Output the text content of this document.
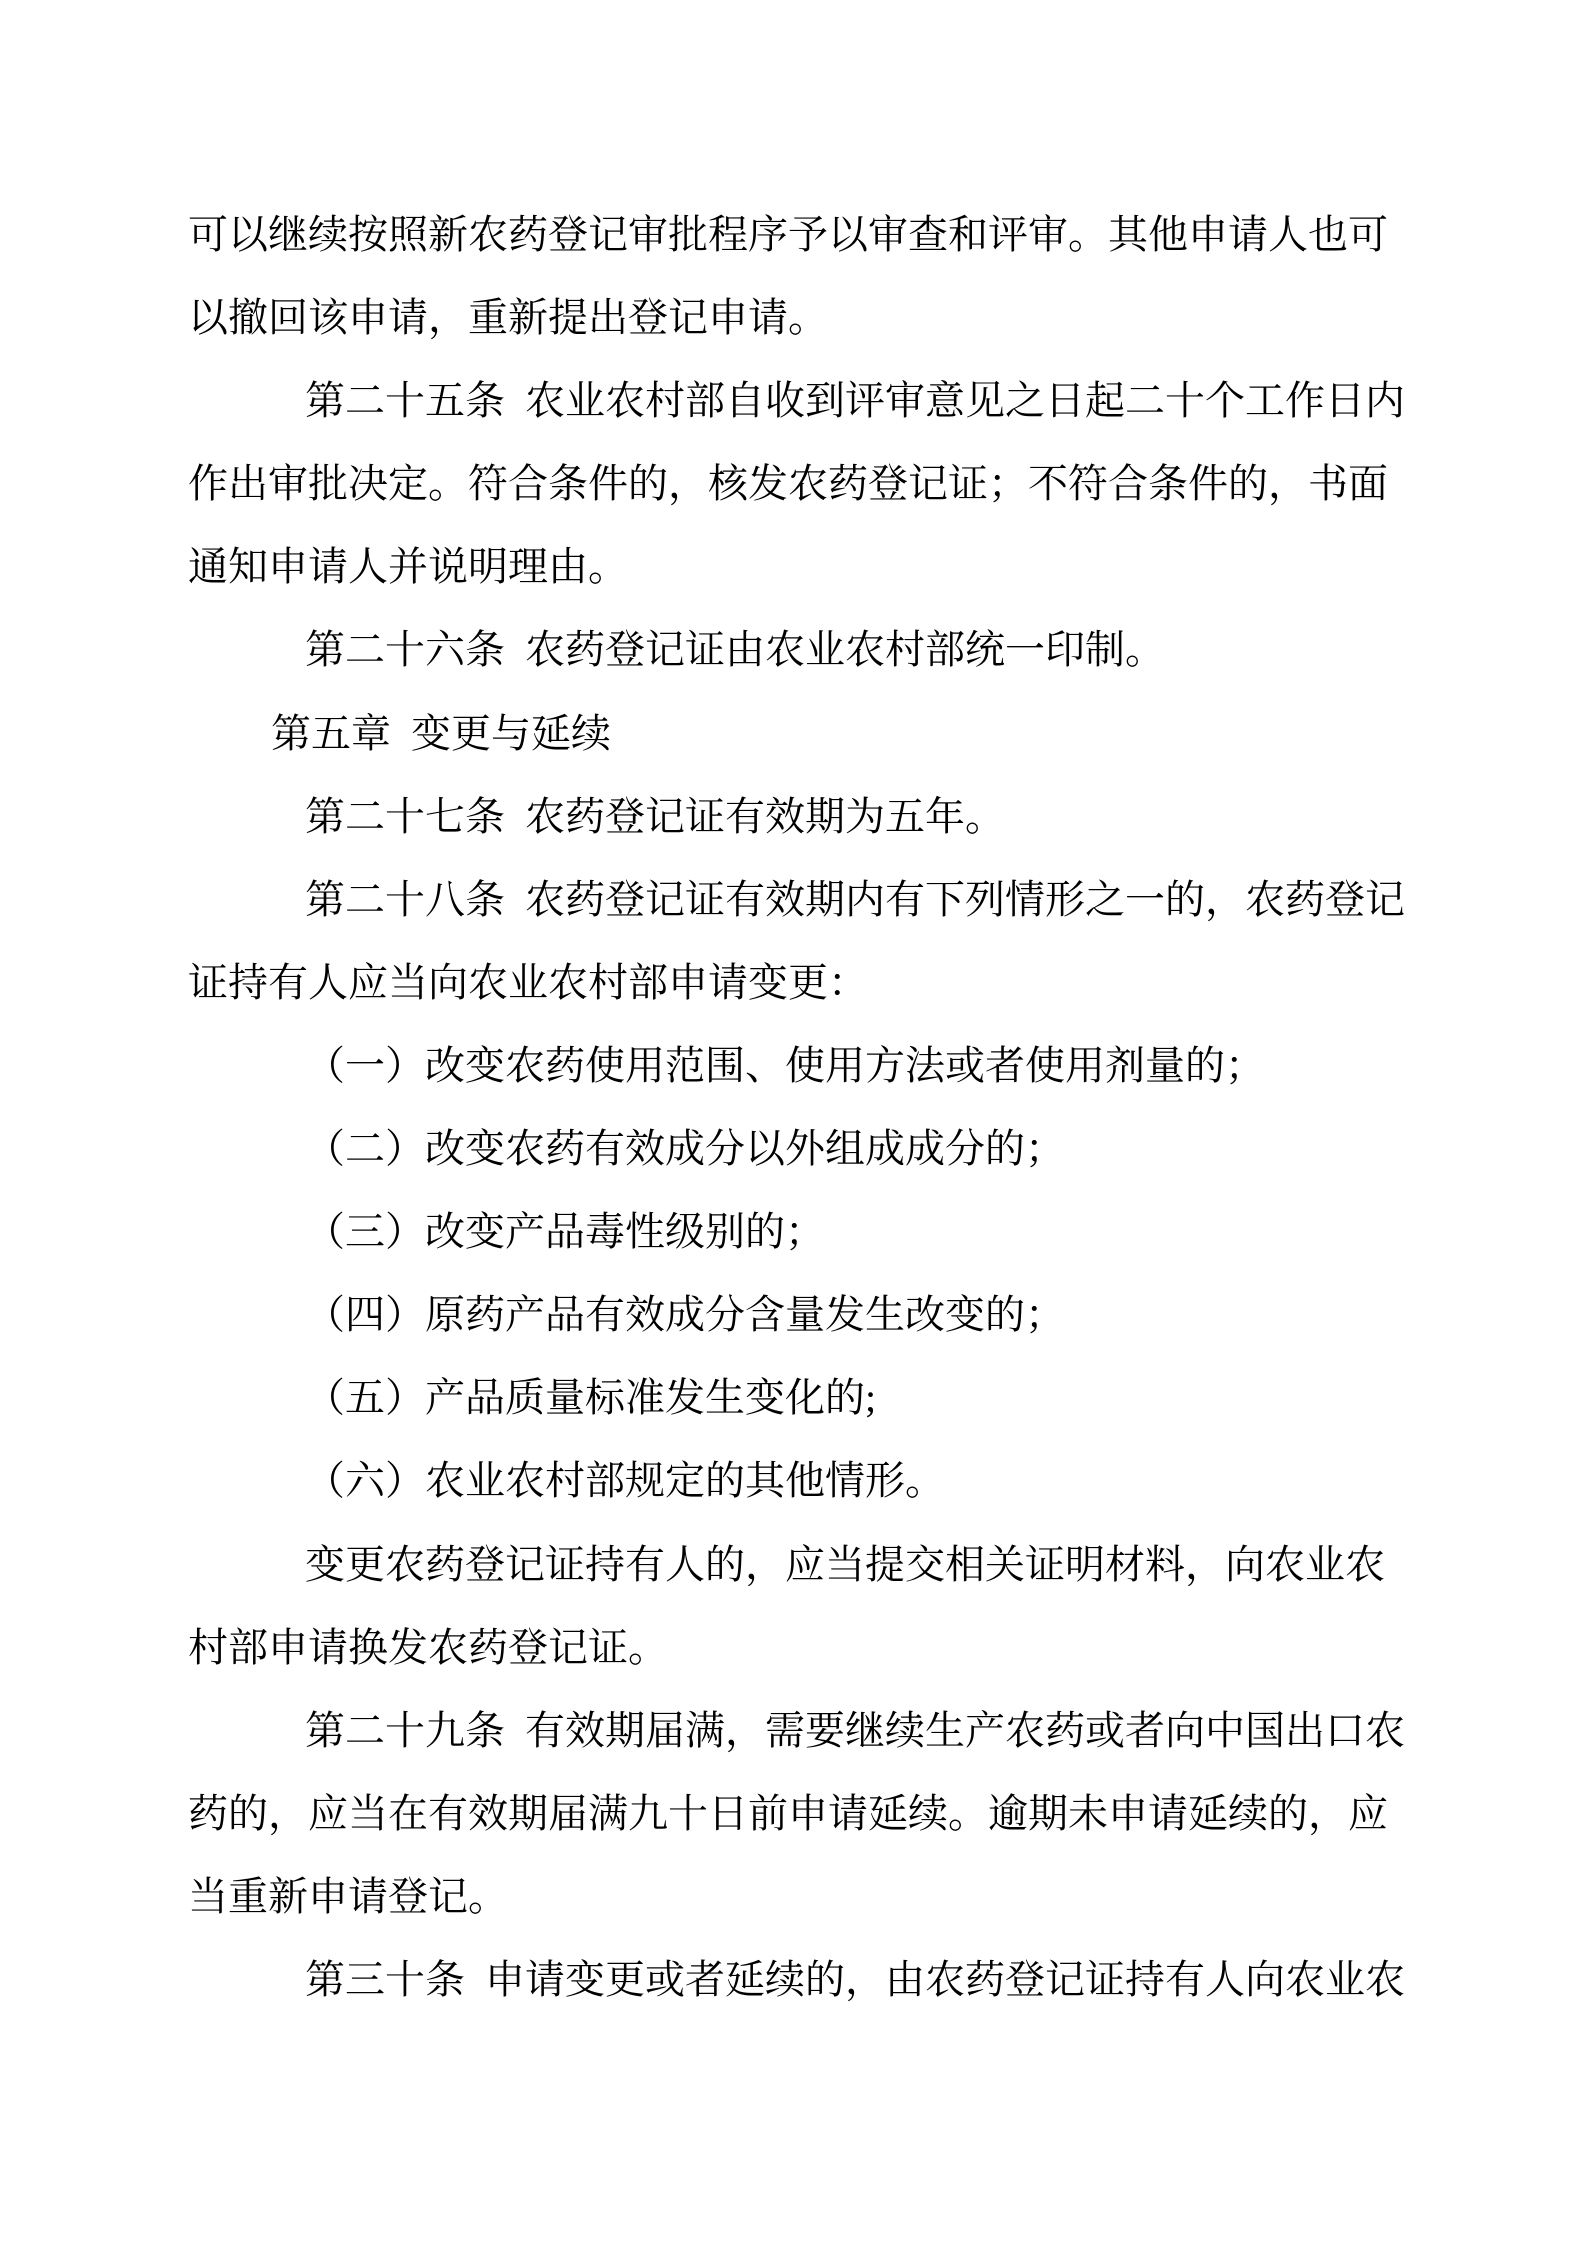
可以继续按照新农药登记审批程序予以审查和评审。其他申请人也可
以撤回该申请，重新提出登记申请。
第二十五条 农业农村部自收到评审意见之日起二十个工作日内
作出审批决定。符合条件的，核发农药登记证；不符合条件的，书面
通知申请人并说明理由。
第二十六条 农药登记证由农业农村部统一印制。
第五章 变更与延续
第二十七条 农药登记证有效期为五年。
第二十八条 农药登记证有效期内有下列情形之一的，农药登记
证持有人应当向农业农村部申请变更：
（一）改变农药使用范围、使用方法或者使用剂量的；
（二）改变农药有效成分以外组成成分的；
（三）改变产品毒性级别的；
（四）原药产品有效成分含量发生改变的；
（五）产品质量标准发生变化的;
（六）农业农村部规定的其他情形。
变更农药登记证持有人的，应当提交相关证明材料，向农业农
村部申请换发农药登记证。
第二十九条 有效期届满，需要继续生产农药或者向中国出口农
药的，应当在有效期届满九十日前申请延续。逾期未申请延续的，应
当重新申请登记。
第三十条 申请变更或者延续的，由农药登记证持有人向农业农
